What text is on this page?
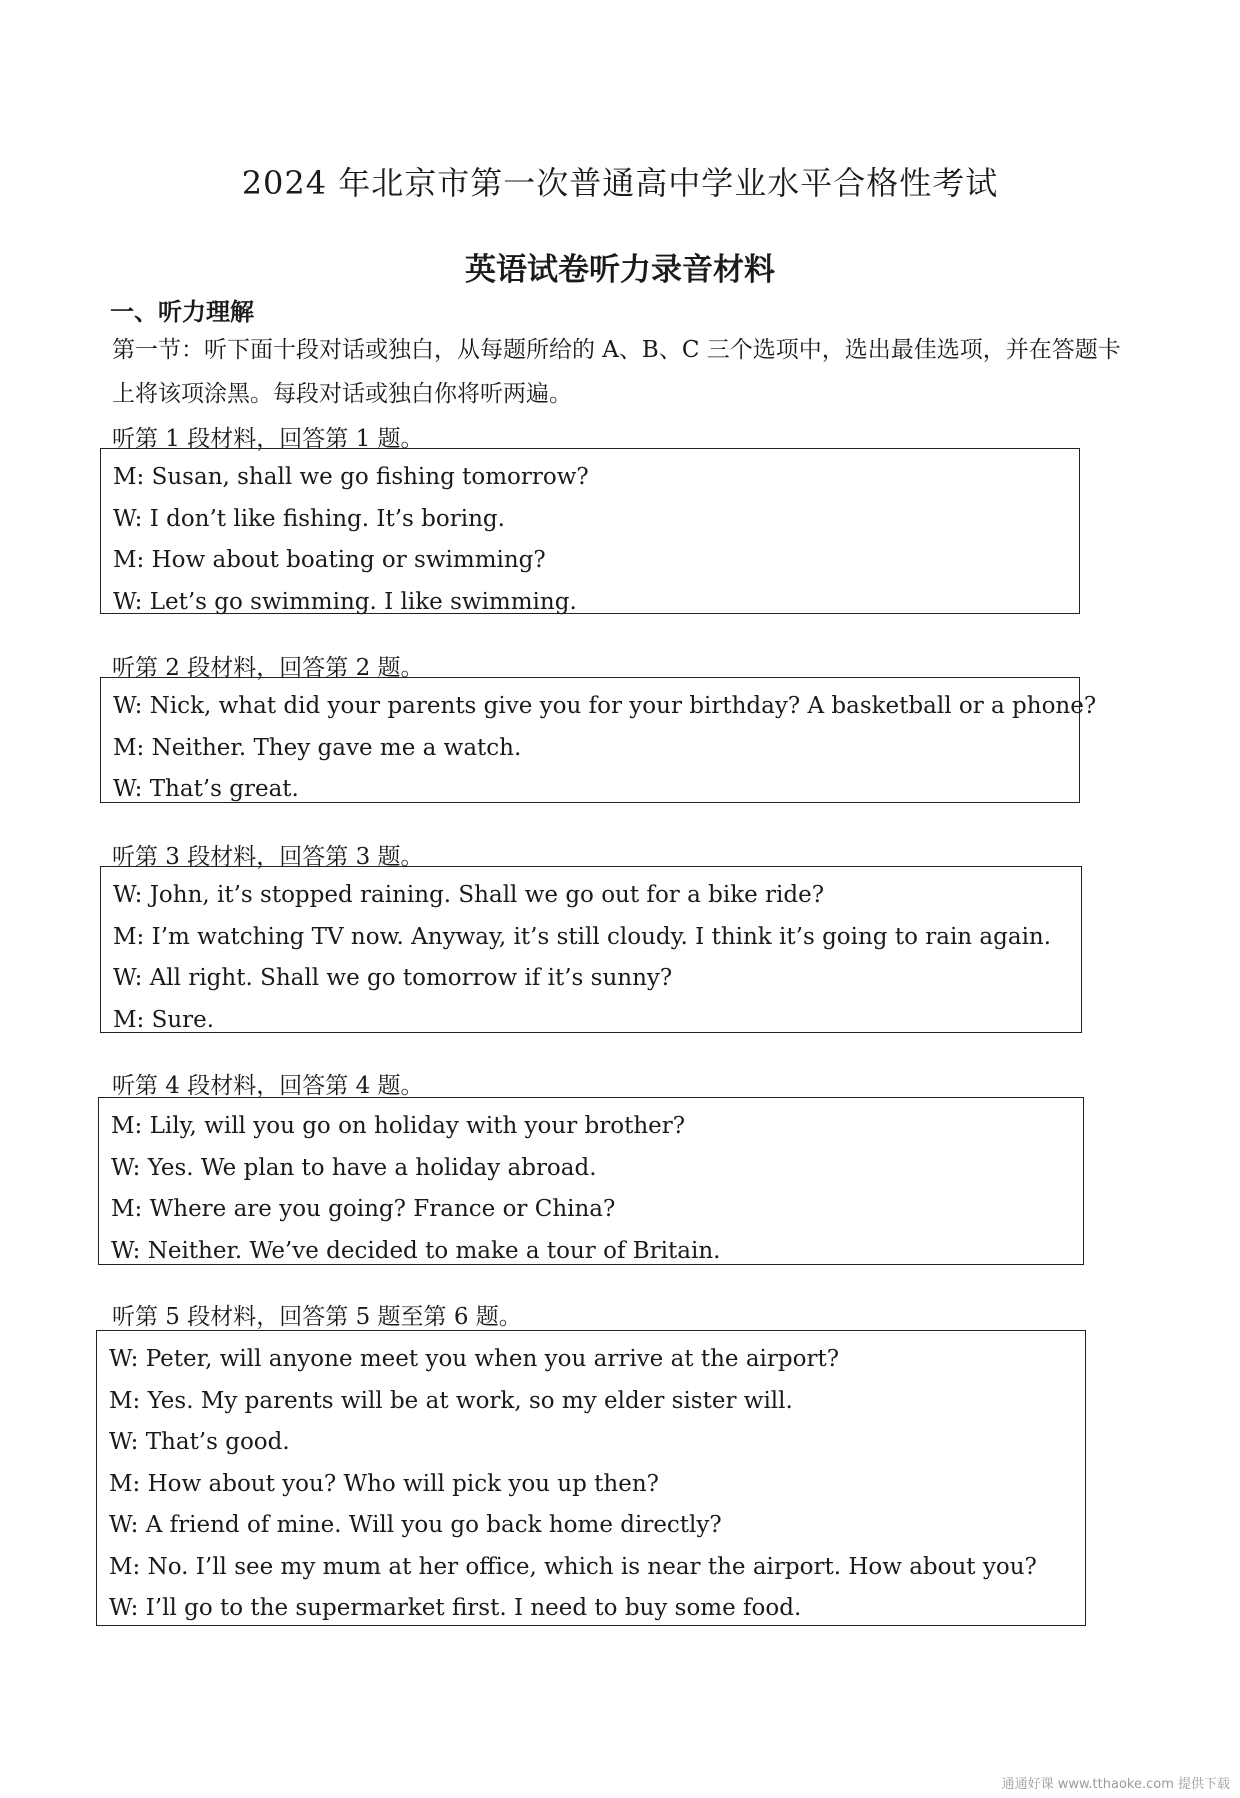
2024 年北京市第一次普通高中学业水平合格性考试
英语试卷听力录音材料
一、听力理解
第一节：听下面十段对话或独白，从每题所给的 A、B、C 三个选项中，选出最佳选项，并在答题卡上将该项涂黑。每段对话或独白你将听两遍。
听第 1 段材料，回答第 1 题。
M: Susan, shall we go fishing tomorrow?
W: I don’t like fishing. It’s boring.
M: How about boating or swimming?
W: Let’s go swimming. I like swimming.
听第 2 段材料，回答第 2 题。
W: Nick, what did your parents give you for your birthday? A basketball or a phone?
M: Neither. They gave me a watch.
W: That’s great.
听第 3 段材料，回答第 3 题。
W: John, it’s stopped raining. Shall we go out for a bike ride?
M: I’m watching TV now. Anyway, it’s still cloudy. I think it’s going to rain again.
W: All right. Shall we go tomorrow if it’s sunny?
M: Sure.
听第 4 段材料，回答第 4 题。
M: Lily, will you go on holiday with your brother?
W: Yes. We plan to have a holiday abroad.
M: Where are you going? France or China?
W: Neither. We’ve decided to make a tour of Britain.
听第 5 段材料，回答第 5 题至第 6 题。
W: Peter, will anyone meet you when you arrive at the airport?
M: Yes. My parents will be at work, so my elder sister will.
W: That’s good.
M: How about you? Who will pick you up then?
W: A friend of mine. Will you go back home directly?
M: No. I’ll see my mum at her office, which is near the airport. How about you?
W: I’ll go to the supermarket first. I need to buy some food.
通通好课 www.tthaoke.com 提供下载
